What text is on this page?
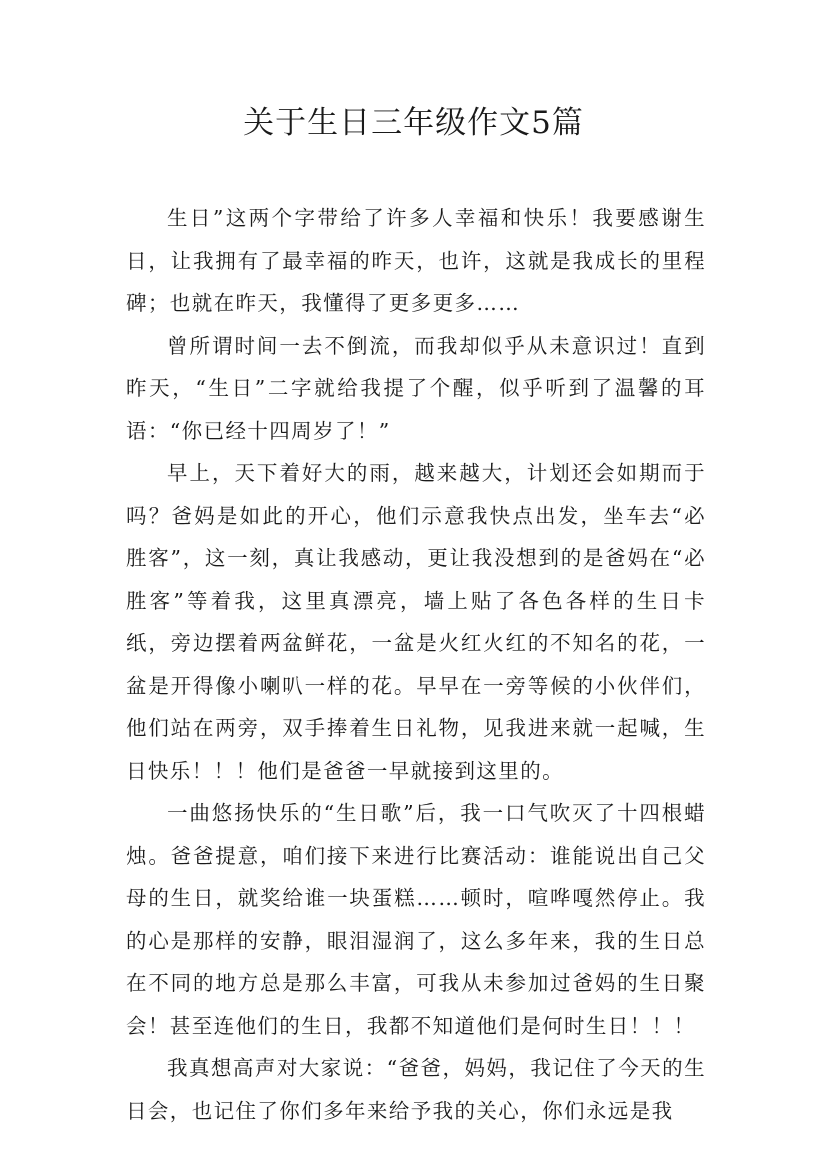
关于生日三年级作文5篇

生日”这两个字带给了许多人幸福和快乐！我要感谢生日，让我拥有了最幸福的昨天，也许，这就是我成长的里程碑；也就在昨天，我懂得了更多更多……

曾所谓时间一去不倒流，而我却似乎从未意识过！直到昨天，“生日”二字就给我提了个醒，似乎听到了温馨的耳语：“你已经十四周岁了！”

早上，天下着好大的雨，越来越大，计划还会如期而于吗？爸妈是如此的开心，他们示意我快点出发，坐车去“必胜客”，这一刻，真让我感动，更让我没想到的是爸妈在“必胜客”等着我，这里真漂亮，墙上贴了各色各样的生日卡纸，旁边摆着两盆鲜花，一盆是火红火红的不知名的花，一盆是开得像小喇叭一样的花。早早在一旁等候的小伙伴们，他们站在两旁，双手捧着生日礼物，见我进来就一起喊，生日快乐！！！他们是爸爸一早就接到这里的。

一曲悠扬快乐的“生日歌”后，我一口气吹灭了十四根蜡烛。爸爸提意，咱们接下来进行比赛活动：谁能说出自己父母的生日，就奖给谁一块蛋糕……顿时，喧哗嘎然停止。我的心是那样的安静，眼泪湿润了，这么多年来，我的生日总在不同的地方总是那么丰富，可我从未参加过爸妈的生日聚会！甚至连他们的生日，我都不知道他们是何时生日！！！

我真想高声对大家说：“爸爸，妈妈，我记住了今天的生日会，也记住了你们多年来给予我的关心，你们永远是我
